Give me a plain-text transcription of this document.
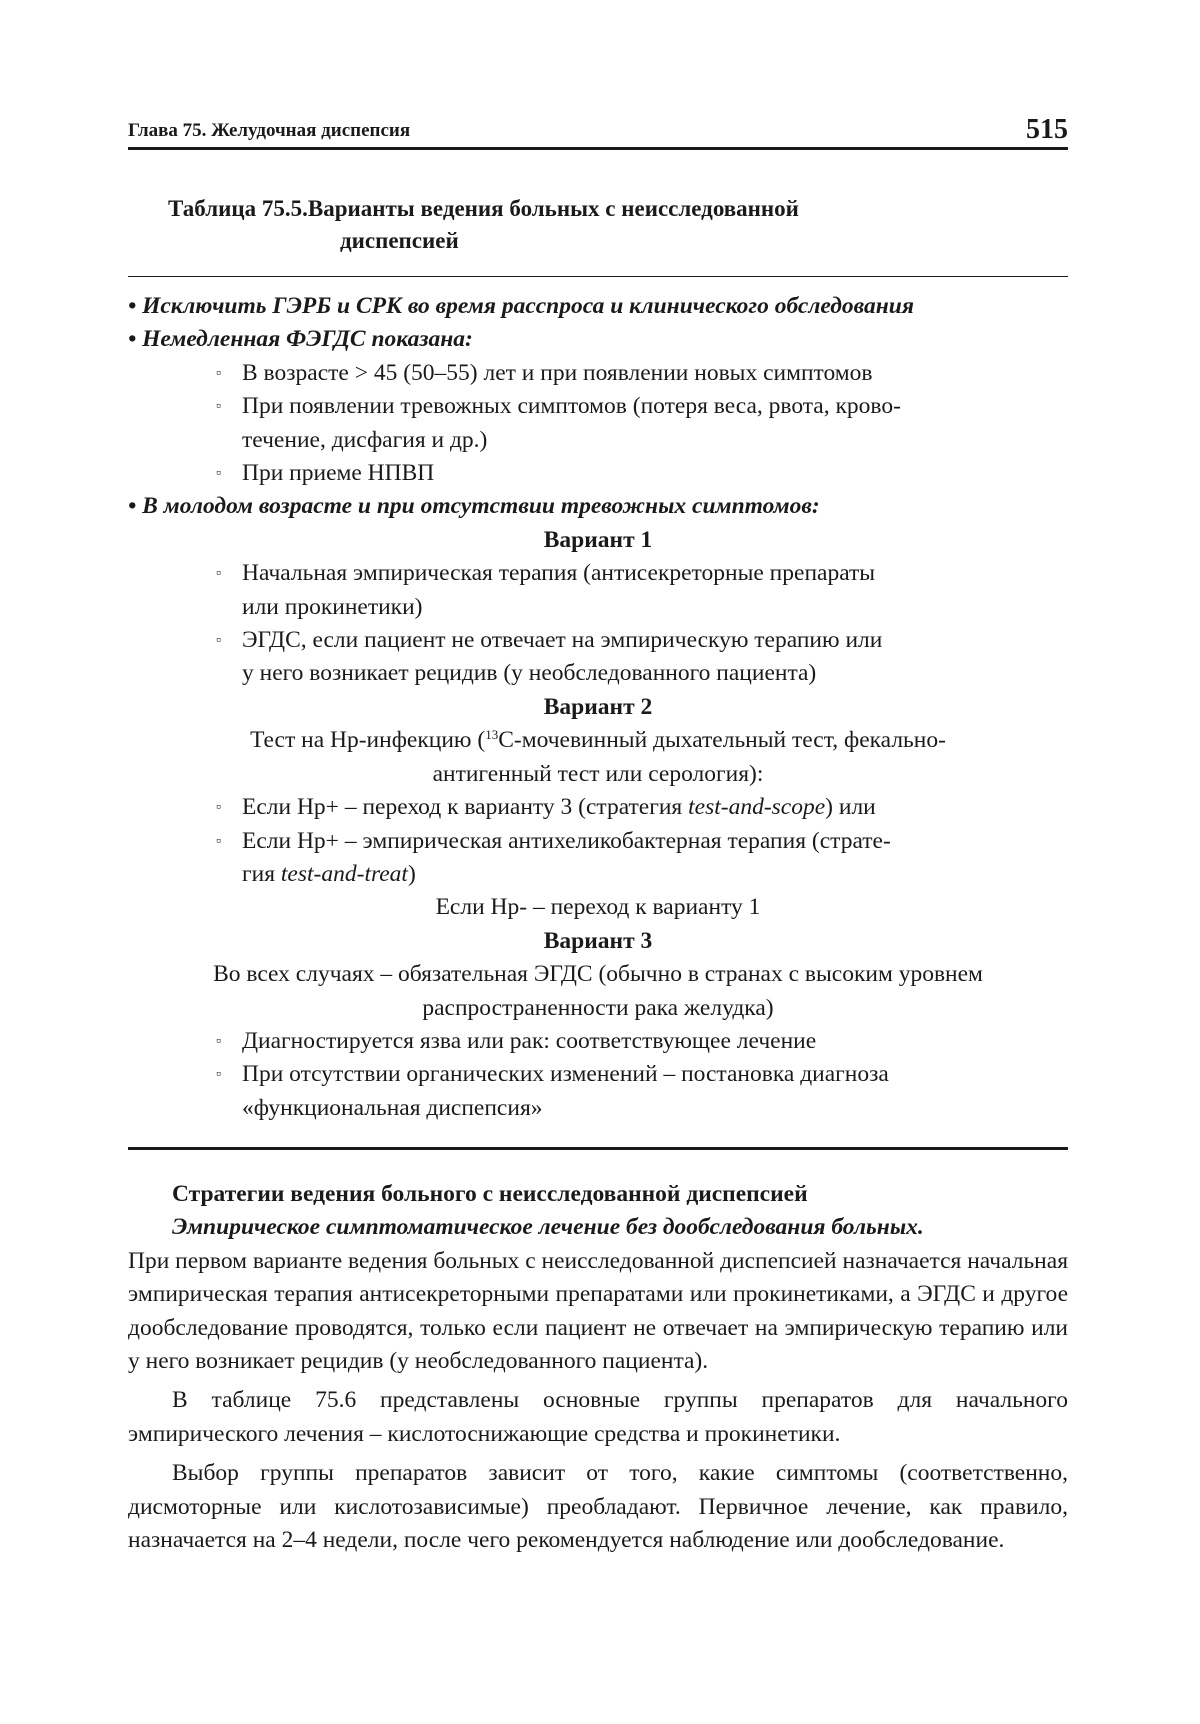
Глава 75. Желудочная диспепсия	515
Таблица 75.5.Варианты ведения больных с неисследованной
диспепсией
• Исключить ГЭРБ и СРК во время расспроса и клинического обследования
• Немедленная ФЭГДС показана:
▫ В возрасте > 45 (50–55) лет и при появлении новых симптомов
▫ При появлении тревожных симптомов (потеря веса, рвота, крово-
течение, дисфагия и др.)
▫ При приеме НПВП
• В молодом возрасте и при отсутствии тревожных симптомов:
Вариант 1
▫ Начальная эмпирическая терапия (антисекреторные препараты
или прокинетики)
▫ ЭГДС, если пациент не отвечает на эмпирическую терапию или
у него возникает рецидив (у необследованного пациента)
Вариант 2
Тест на Hp-инфекцию ($^{13}$C-мочевинный дыхательный тест, фекально-
антигенный тест или серология):
▫ Если Hp+ – переход к варианту 3 (стратегия test-and-scope) или
▫ Если Hp+ – эмпирическая антихеликобактерная терапия (страте-
гия test-and-treat)
Если Hp- – переход к варианту 1
Вариант 3
Во всех случаях – обязательная ЭГДС (обычно в странах с высоким уровнем
распространенности рака желудка)
▫ Диагностируется язва или рак: соответствующее лечение
▫ При отсутствии органических изменений – постановка диагноза
«функциональная диспепсия»
Стратегии ведения больного с неисследованной диспепсией
Эмпирическое симптоматическое лечение без дообследования больных.

При первом варианте ведения больных с неисследованной диспепсией назначается начальная эмпирическая терапия антисекреторными препаратами или прокинетиками, а ЭГДС и другое дообследование проводятся, только если пациент не отвечает на эмпирическую терапию или у него возникает рецидив (у необследованного пациента).

В таблице 75.6 представлены основные группы препаратов для начального эмпирического лечения – кислотоснижающие средства и прокинетики.

Выбор группы препаратов зависит от того, какие симптомы (соответственно, дисмоторные или кислотозависимые) преобладают. Первичное лечение, как правило, назначается на 2–4 недели, после чего рекомендуется наблюдение или дообследование.
